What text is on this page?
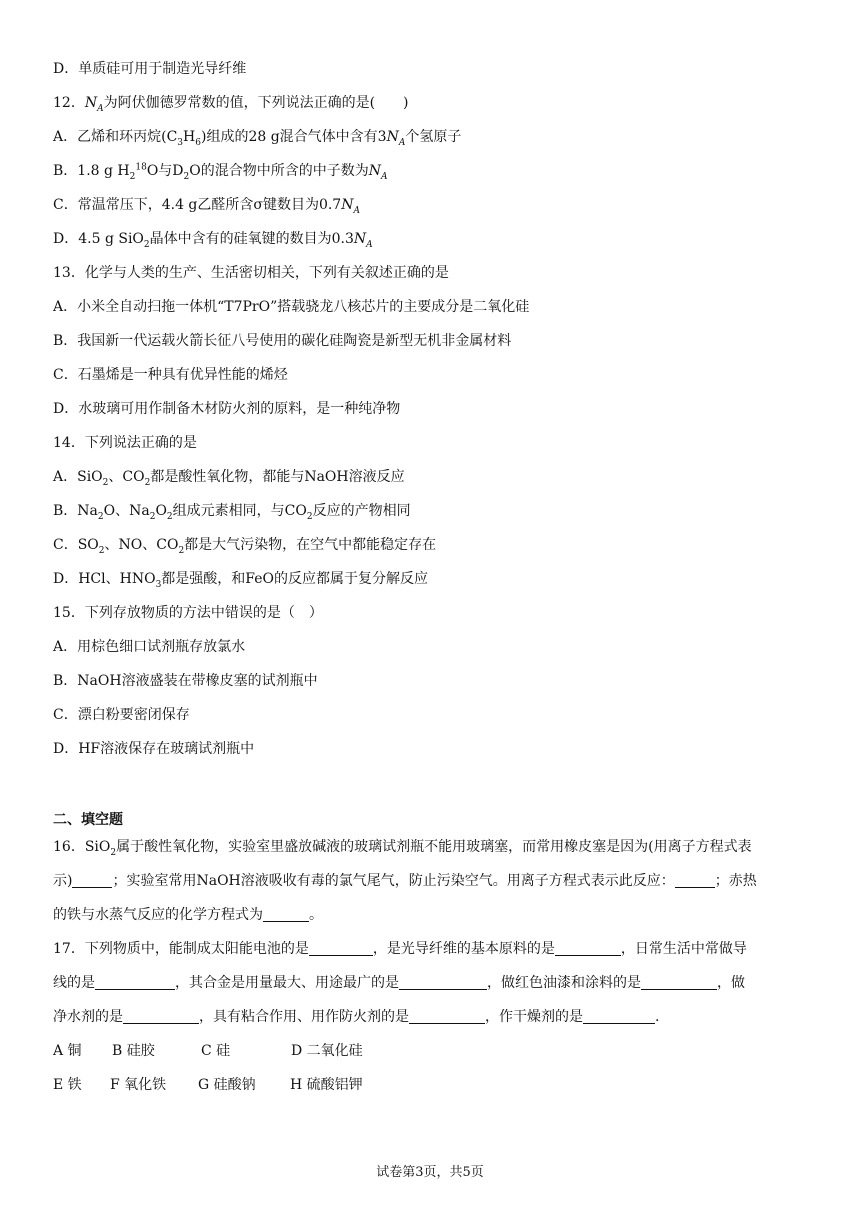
D．单质硅可用于制造光导纤维
12．$N_A$为阿伏伽德罗常数的值，下列说法正确的是(　　)
A．乙烯和环丙烷$(C_3H_6)$组成的28 g混合气体中含有$3N_A$个氢原子
B．1.8 g $H_2^{18}O$与$D_2O$的混合物中所含的中子数为$N_A$
C．常温常压下，4.4 g乙醛所含σ键数目为$0.7N_A$
D．4.5 g SiO$_2$晶体中含有的硅氧键的数目为$0.3N_A$
13．化学与人类的生产、生活密切相关，下列有关叙述正确的是
A．小米全自动扫拖一体机“T7PrO”搭载骁龙八核芯片的主要成分是二氧化硅
B．我国新一代运载火箭长征八号使用的碳化硅陶瓷是新型无机非金属材料
C．石墨烯是一种具有优异性能的烯烃
D．水玻璃可用作制备木材防火剂的原料，是一种纯净物
14．下列说法正确的是
A．SiO$_2$、$CO_2$都是酸性氧化物，都能与NaOH溶液反应
B．$Na_2O$、$Na_2O_2$组成元素相同，与$CO_2$反应的产物相同
C．$SO_2$、NO、$CO_2$都是大气污染物，在空气中都能稳定存在
D．HCl、$HNO_3$都是强酸，和FeO的反应都属于复分解反应
15．下列存放物质的方法中错误的是（　）
A．用棕色细口试剂瓶存放氯水
B．NaOH溶液盛装在带橡皮塞的试剂瓶中
C．漂白粉要密闭保存
D．HF溶液保存在玻璃试剂瓶中
二、填空题
16．SiO$_2$属于酸性氧化物，实验室里盛放碱液的玻璃试剂瓶不能用玻璃塞，而常用橡皮塞是因为(用离子方程式表
示)	；实验室常用NaOH溶液吸收有毒的氯气尾气，防止污染空气。用离子方程式表示此反应：	；赤热
的铁与水蒸气反应的化学方程式为	。
17．下列物质中，能制成太阳能电池的是	，是光导纤维的基本原料的是	，日常生活中常做导
线的是	，其合金是用量最大、用途最广的是	，做红色油漆和涂料的是	，做
净水剂的是	，具有粘合作用、用作防火剂的是	，作干燥剂的是	.
A 铜 B 硅胶	C 硅	D 二氧化硅
E 铁 F 氧化铁 G 硅酸钠 H 硫酸铝钾
试卷第3页，共5页
